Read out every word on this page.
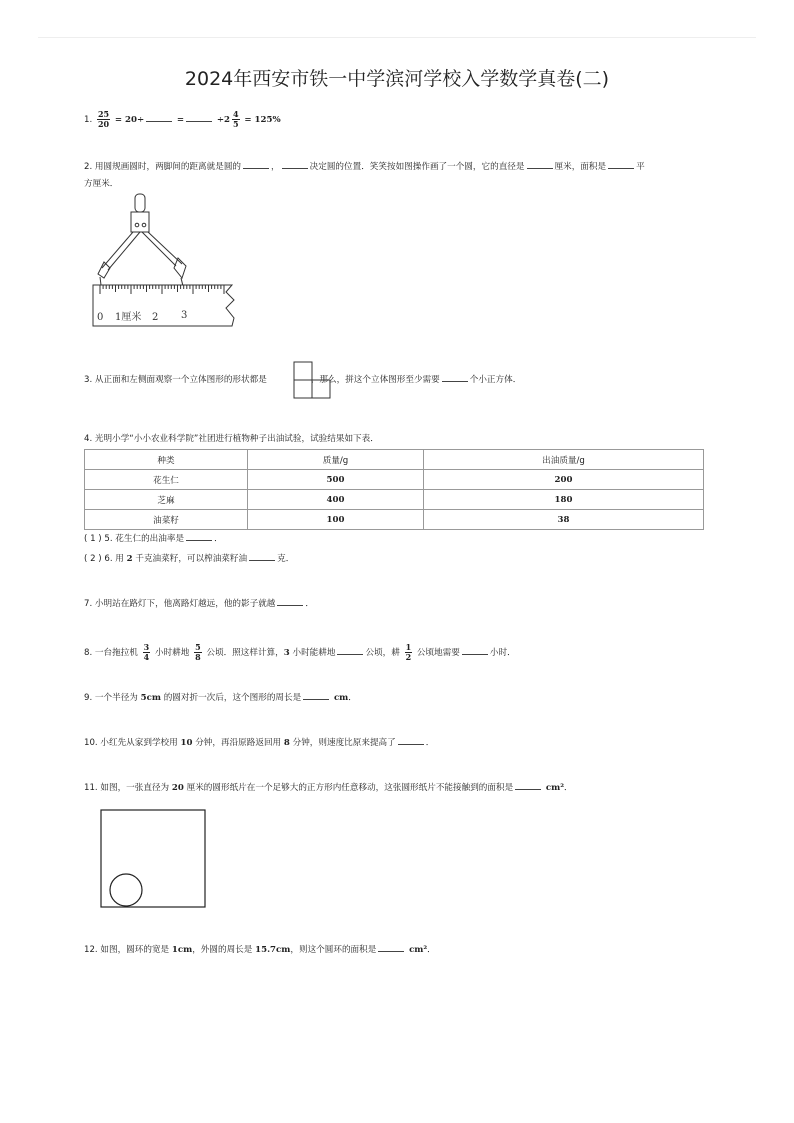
2024年西安市铁一中学滨河学校入学数学真卷(二)
1. $\frac{25}{20} = 20\div$	=	$\div 2 \frac{4}{5} = 125\%$
2. 用圆规画圆时，两脚间的距离就是圆的	，	决定圆的位置．笑笑按如图操作画了一个圆，它的直径是	厘米，面积是	平
方厘米．
0 1厘米 2 3
3. 从正面和左侧面观察一个立体图形的形状都是	，那么，拼这个立体图形至少需要	个小正方体．
4. 光明小学“小小农业科学院”社团进行植物种子出油试验，试验结果如下表．
种类	质量/g	出油质量/g
花生仁	500	200
芝麻	400	180
油菜籽	100	38
( 1 ) 5. 花生仁的出油率是	．
( 2 ) 6. 用 2 千克油菜籽，可以榨油菜籽油	克．
7. 小明站在路灯下，他离路灯越远，他的影子就越	．
8. 一台拖拉机 $\frac{3}{4}$ 小时耕地 $\frac{5}{8}$ 公顷．照这样计算，3 小时能耕地	公顷，耕 $\frac{1}{2}$ 公顷地需要	小时．
9. 一个半径为 5cm 的圆对折一次后，这个图形的周长是	cm．
10. 小红先从家到学校用 10 分钟，再沿原路返回用 8 分钟，则速度比原来提高了	．
11. 如图，一张直径为 20 厘米的圆形纸片在一个足够大的正方形内任意移动，这张圆形纸片不能接触到的面积是	cm²．
12. 如图，圆环的宽是 1cm，外圆的周长是 15.7cm，则这个圆环的面积是	cm²．
